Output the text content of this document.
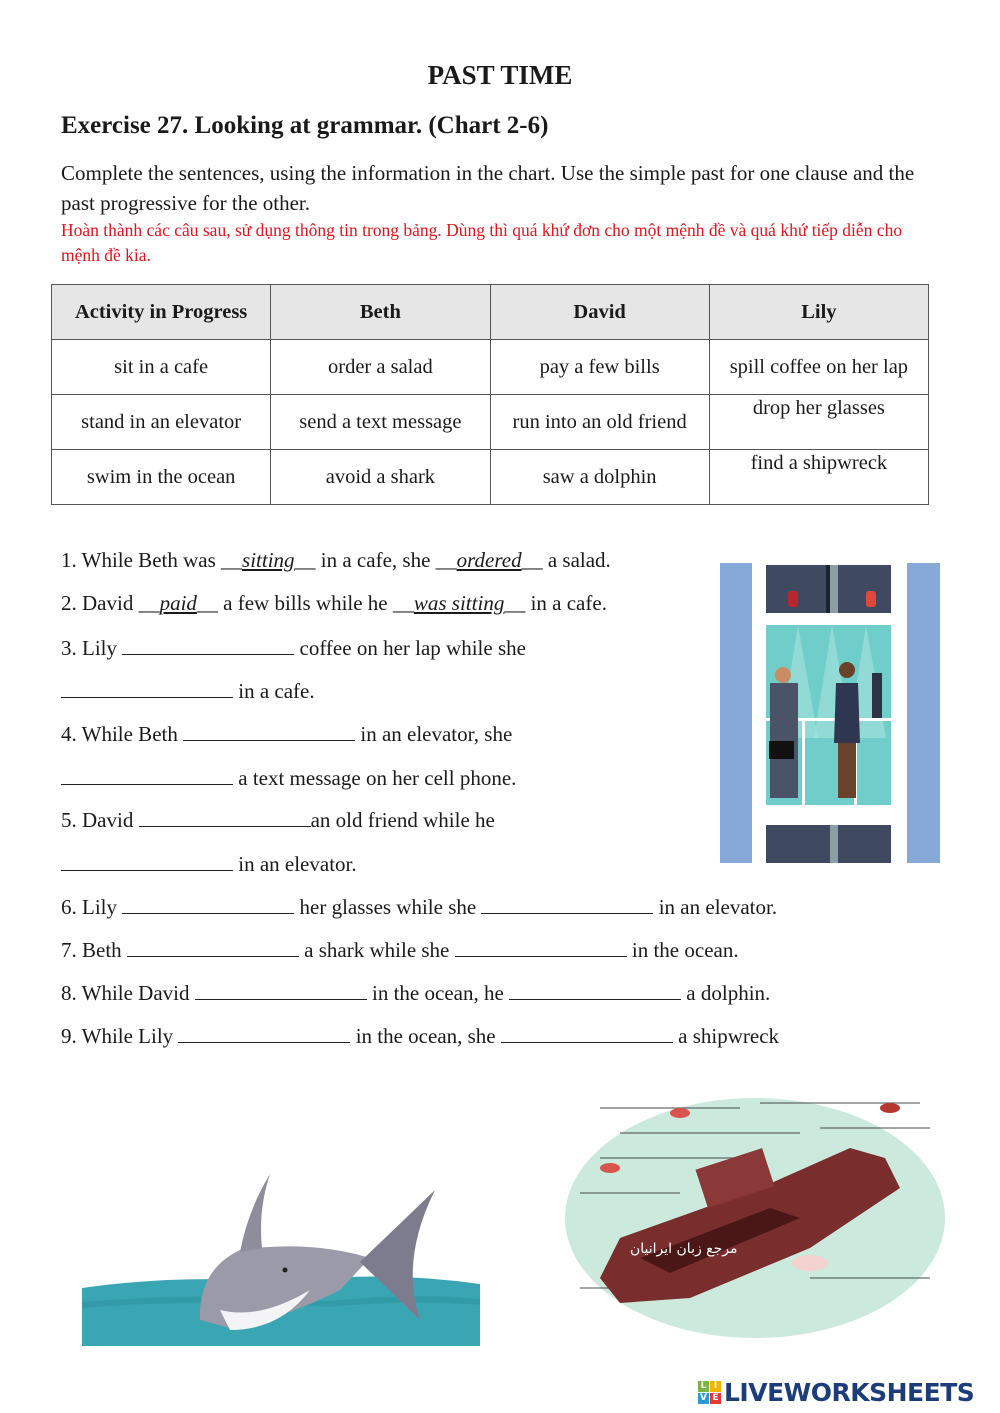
PAST TIME
Exercise 27. Looking at grammar. (Chart 2-6)
Complete the sentences, using the information in the chart. Use the simple past for one clause and the past progressive for the other.
Hoàn thành các câu sau, sử dụng thông tin trong bảng. Dùng thì quá khứ đơn cho một mệnh đề và quá khứ tiếp diễn cho mệnh đề kia.
Activity in Progress	Beth	David	Lily
sit in a cafe	order a salad	pay a few bills	spill coffee on her lap
stand in an elevator	send a text message	run into an old friend	drop her glasses
swim in the ocean	avoid a shark	saw a dolphin	find a shipwreck
1. While Beth was __sitting__ in a cafe, she __ordered__ a salad.
2. David __paid__ a few bills while he __was sitting__ in a cafe.
3. Lily	coffee on her lap while she
in a cafe.
4. While Beth	in an elevator, she
a text message on her cell phone.
5. David	an old friend while he
in an elevator.
6. Lily	her glasses while she	in an elevator.
7. Beth	a shark while she	in the ocean.
8. While David	in the ocean, he	a dolphin.
9. While Lily	in the ocean, she	a shipwreck
مرجع زبان ایرانیان
L I
V E LIVEWORKSHEETS
